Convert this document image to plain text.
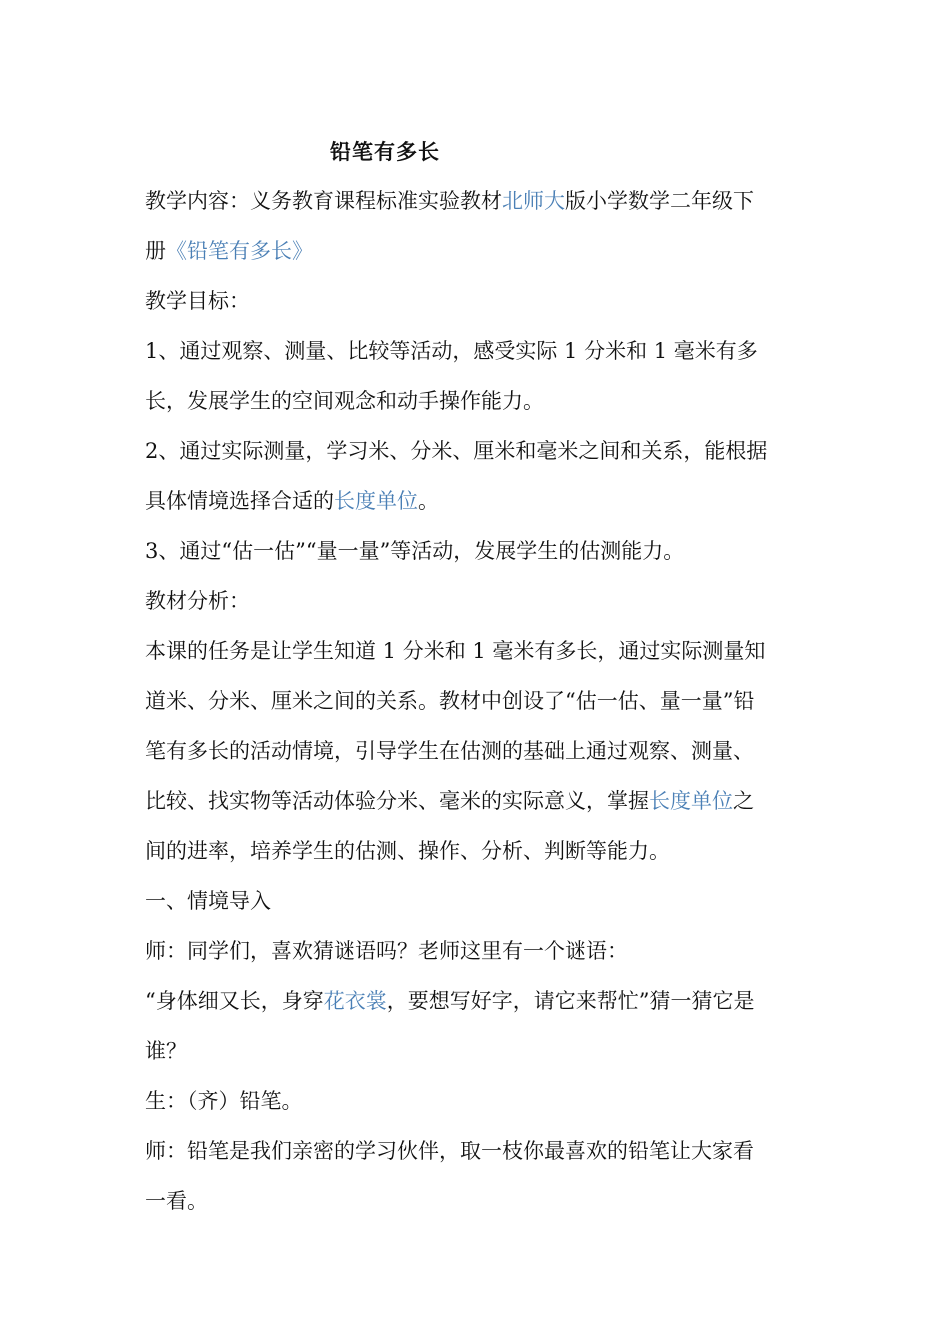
铅笔有多长
教学内容：义务教育课程标准实验教材北师大版小学数学二年级下
册《铅笔有多长》
教学目标：
1、通过观察、测量、比较等活动，感受实际 1 分米和 1 毫米有多
长，发展学生的空间观念和动手操作能力。
2、通过实际测量，学习米、分米、厘米和毫米之间和关系，能根据
具体情境选择合适的长度单位。
3、通过“估一估”“量一量”等活动，发展学生的估测能力。
教材分析：
本课的任务是让学生知道 1 分米和 1 毫米有多长，通过实际测量知
道米、分米、厘米之间的关系。教材中创设了“估一估、量一量”铅
笔有多长的活动情境，引导学生在估测的基础上通过观察、测量、
比较、找实物等活动体验分米、毫米的实际意义，掌握长度单位之
间的进率，培养学生的估测、操作、分析、判断等能力。
一、情境导入
师：同学们，喜欢猜谜语吗？老师这里有一个谜语：
“身体细又长，身穿花衣裳，要想写好字，请它来帮忙”猜一猜它是
谁？
生：（齐）铅笔。
师：铅笔是我们亲密的学习伙伴，取一枝你最喜欢的铅笔让大家看
一看。
